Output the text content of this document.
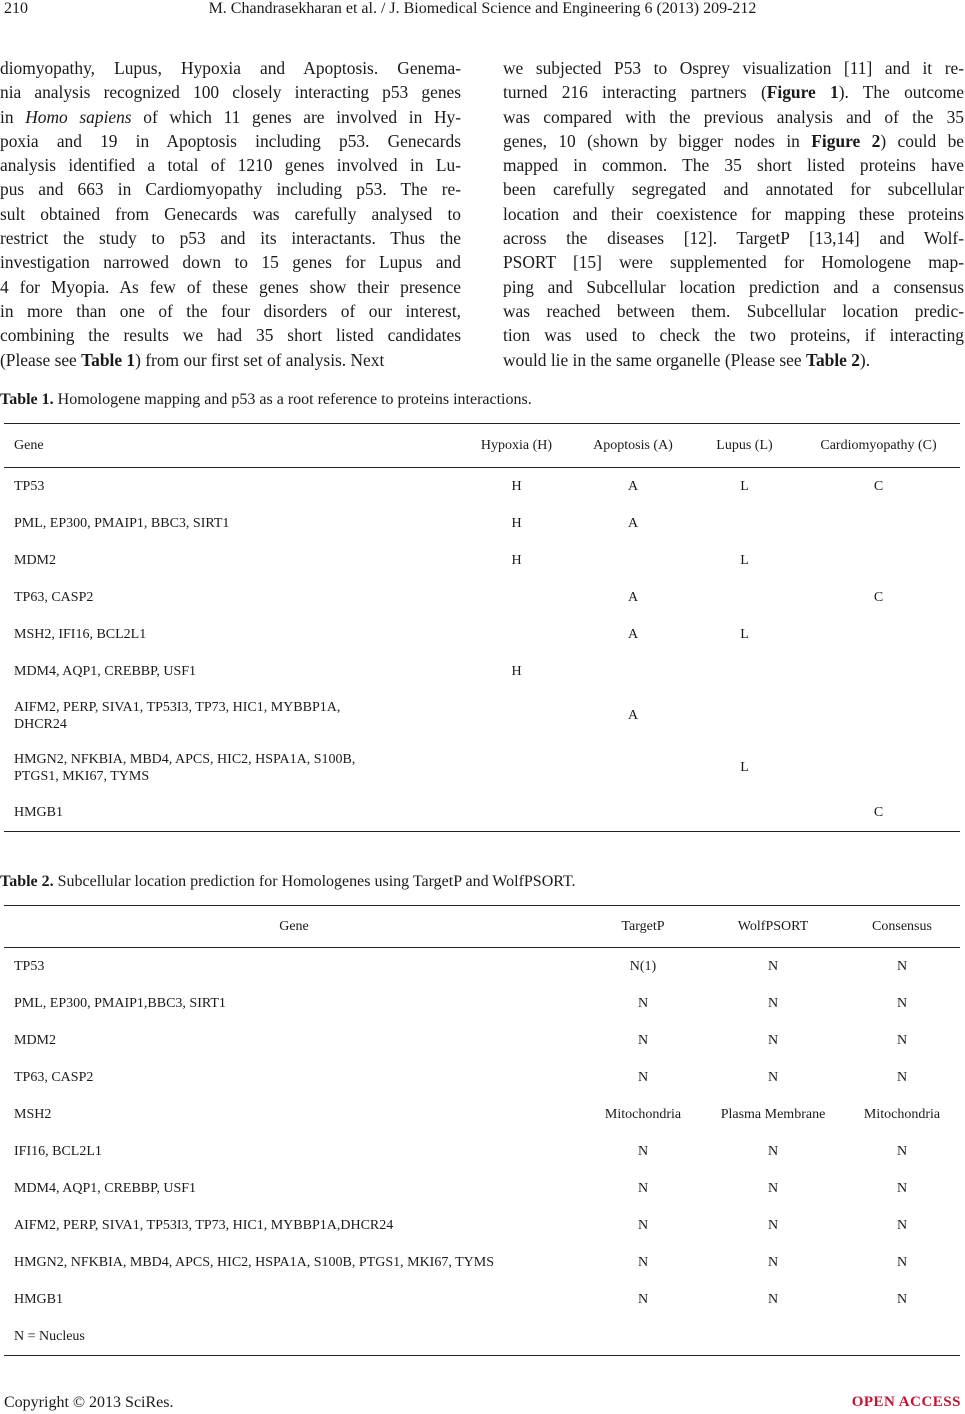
M. Chandrasekharan et al. / J. Biomedical Science and Engineering 6 (2013) 209-212
210
diomyopathy, Lupus, Hypoxia and Apoptosis. Genema-
nia analysis recognized 100 closely interacting p53 genes
in Homo sapiens of which 11 genes are involved in Hy-
poxia and 19 in Apoptosis including p53. Genecards
analysis identified a total of 1210 genes involved in Lu-
pus and 663 in Cardiomyopathy including p53. The re-
sult obtained from Genecards was carefully analysed to
restrict the study to p53 and its interactants. Thus the
investigation narrowed down to 15 genes for Lupus and
4 for Myopia. As few of these genes show their presence
in more than one of the four disorders of our interest,
combining the results we had 35 short listed candidates
(Please see Table 1) from our first set of analysis. Next
we subjected P53 to Osprey visualization [11] and it re-
turned 216 interacting partners (Figure 1). The outcome
was compared with the previous analysis and of the 35
genes, 10 (shown by bigger nodes in Figure 2) could be
mapped in common. The 35 short listed proteins have
been carefully segregated and annotated for subcellular
location and their coexistence for mapping these proteins
across the diseases [12]. TargetP [13,14] and Wolf-
PSORT [15] were supplemented for Homologene map-
ping and Subcellular location prediction and a consensus
was reached between them. Subcellular location predic-
tion was used to check the two proteins, if interacting
would lie in the same organelle (Please see Table 2).
Table 1. Homologene mapping and p53 as a root reference to proteins interactions.
Gene	Hypoxia (H)	Apoptosis (A)	Lupus (L)	Cardiomyopathy (C)
TP53	H	A	L	C
PML, EP300, PMAIP1, BBC3, SIRT1	H	A		
MDM2	H		L	
TP63, CASP2		A		C
MSH2, IFI16, BCL2L1		A	L	
MDM4, AQP1, CREBBP, USF1	H			

AIFM2, PERP, SIVA1, TP53I3, TP73, HIC1, MYBBP1A,
DHCR24		A		

HMGN2, NFKBIA, MBD4, APCS, HIC2, HSPA1A, S100B,
PTGS1, MKI67, TYMS			L	
HMGB1				C
Table 2. Subcellular location prediction for Homologenes using TargetP and WolfPSORT.
Gene	TargetP	WolfPSORT	Consensus
TP53	N(1)	N	N
PML, EP300, PMAIP1,BBC3, SIRT1	N	N	N
MDM2	N	N	N
TP63, CASP2	N	N	N
MSH2	Mitochondria	Plasma Membrane	Mitochondria
IFI16, BCL2L1	N	N	N
MDM4, AQP1, CREBBP, USF1	N	N	N
AIFM2, PERP, SIVA1, TP53I3, TP73, HIC1, MYBBP1A,DHCR24	N	N	N
HMGN2, NFKBIA, MBD4, APCS, HIC2, HSPA1A, S100B, PTGS1, MKI67, TYMS	N	N	N
HMGB1	N	N	N
N = Nucleus			
Copyright © 2013 SciRes.	OPEN ACCESS
